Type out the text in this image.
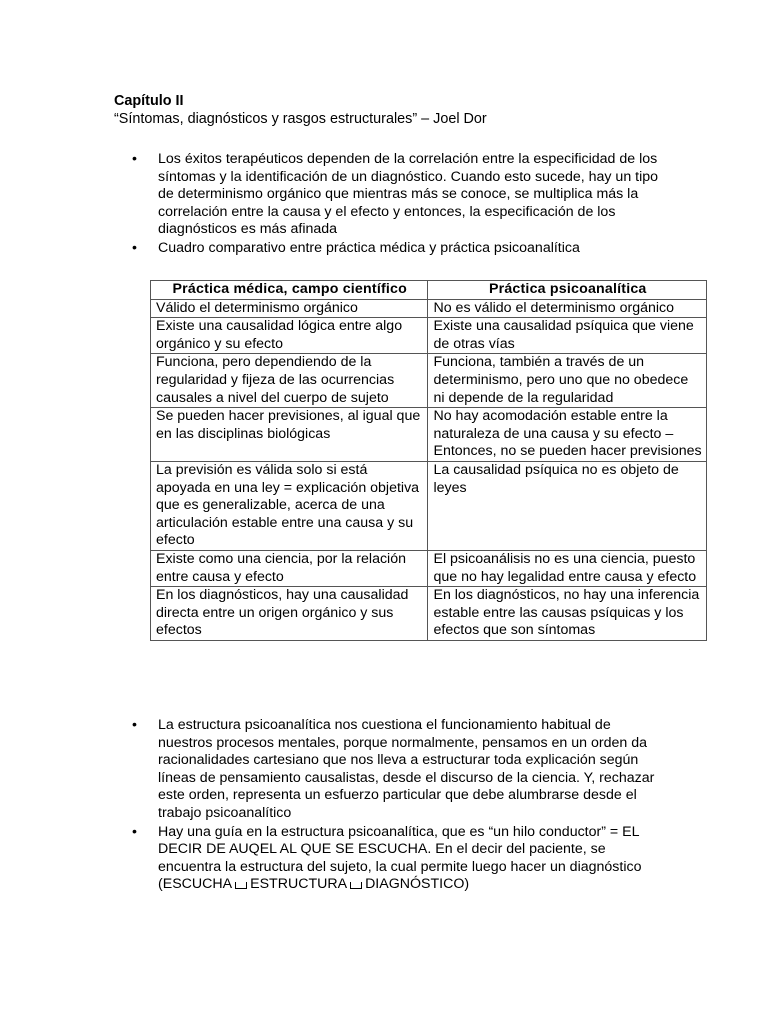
Capítulo II
“Síntomas, diagnósticos y rasgos estructurales” – Joel Dor
• Los éxitos terapéuticos dependen de la correlación entre la especificidad de los síntomas y la identificación de un diagnóstico. Cuando esto sucede, hay un tipo de determinismo orgánico que mientras más se conoce, se multiplica más la correlación entre la causa y el efecto y entonces, la especificación de los diagnósticos es más afinada
• Cuadro comparativo entre práctica médica y práctica psicoanalítica
Práctica médica, campo científico	Práctica psicoanalítica
Válido el determinismo orgánico	No es válido el determinismo orgánico
Existe una causalidad lógica entre algo orgánico y su efecto	Existe una causalidad psíquica que viene de otras vías
Funciona, pero dependiendo de la regularidad y fijeza de las ocurrencias causales a nivel del cuerpo de sujeto	Funciona, también a través de un determinismo, pero uno que no obedece ni depende de la regularidad
Se pueden hacer previsiones, al igual que en las disciplinas biológicas	No hay acomodación estable entre la naturaleza de una causa y su efecto – Entonces, no se pueden hacer previsiones
La previsión es válida solo si está apoyada en una ley = explicación objetiva que es generalizable, acerca de una articulación estable entre una causa y su efecto	La causalidad psíquica no es objeto de leyes
Existe como una ciencia, por la relación entre causa y efecto	El psicoanálisis no es una ciencia, puesto que no hay legalidad entre causa y efecto
En los diagnósticos, hay una causalidad directa entre un origen orgánico y sus efectos	En los diagnósticos, no hay una inferencia estable entre las causas psíquicas y los efectos que son síntomas
• La estructura psicoanalítica nos cuestiona el funcionamiento habitual de nuestros procesos mentales, porque normalmente, pensamos en un orden da racionalidades cartesiano que nos lleva a estructurar toda explicación según líneas de pensamiento causalistas, desde el discurso de la ciencia. Y, rechazar este orden, representa un esfuerzo particular que debe alumbrarse desde el trabajo psicoanalítico
• Hay una guía en la estructura psicoanalítica, que es “un hilo conductor” = EL DECIR DE AUQEL AL QUE SE ESCUCHA. En el decir del paciente, se encuentra la estructura del sujeto, la cual permite luego hacer un diagnóstico (ESCUCHA ESTRUCTURA DIAGNÓSTICO)
